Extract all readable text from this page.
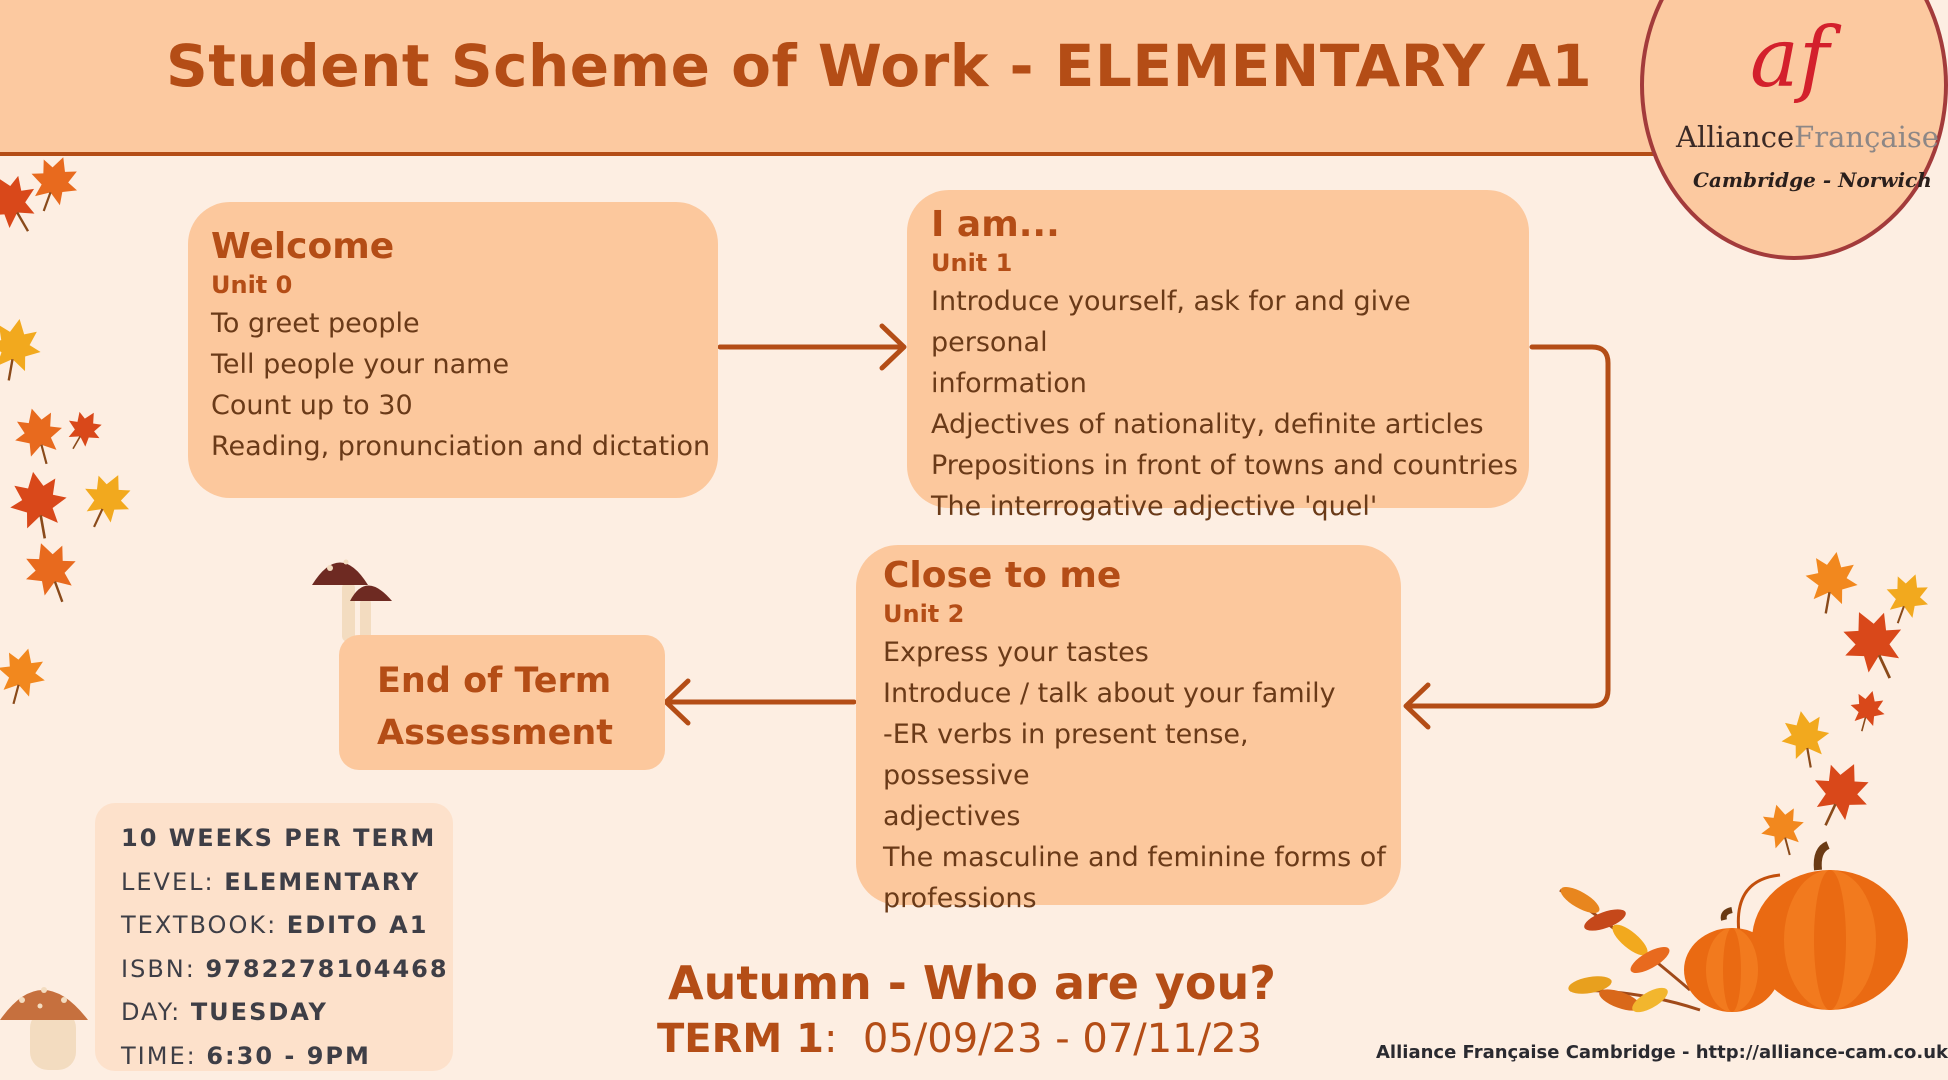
Student Scheme of Work - ELEMENTARY A1 af
AllianceFrançaise
Cambridge - Norwich
Welcome
Unit 0
To greet people
Tell people your name
Count up to 30
Reading, pronunciation and dictation
I am...
Unit 1
Introduce yourself, ask for and give personal
information
Adjectives of nationality, definite articles
Prepositions in front of towns and countries
The interrogative adjective 'quel'
Close to me
Unit 2
Express your tastes
Introduce / talk about your family
-ER verbs in present tense, possessive
adjectives
The masculine and feminine forms of
professions
End of Term
Assessment
10 WEEKS PER TERM
LEVEL: ELEMENTARY
TEXTBOOK: EDITO A1
ISBN: 9782278104468
DAY: TUESDAY
TIME: 6:30 - 9PM
Autumn - Who are you?
TERM 1:  05/09/23 - 07/11/23	Alliance Française Cambridge - http://alliance-cam.co.uk
